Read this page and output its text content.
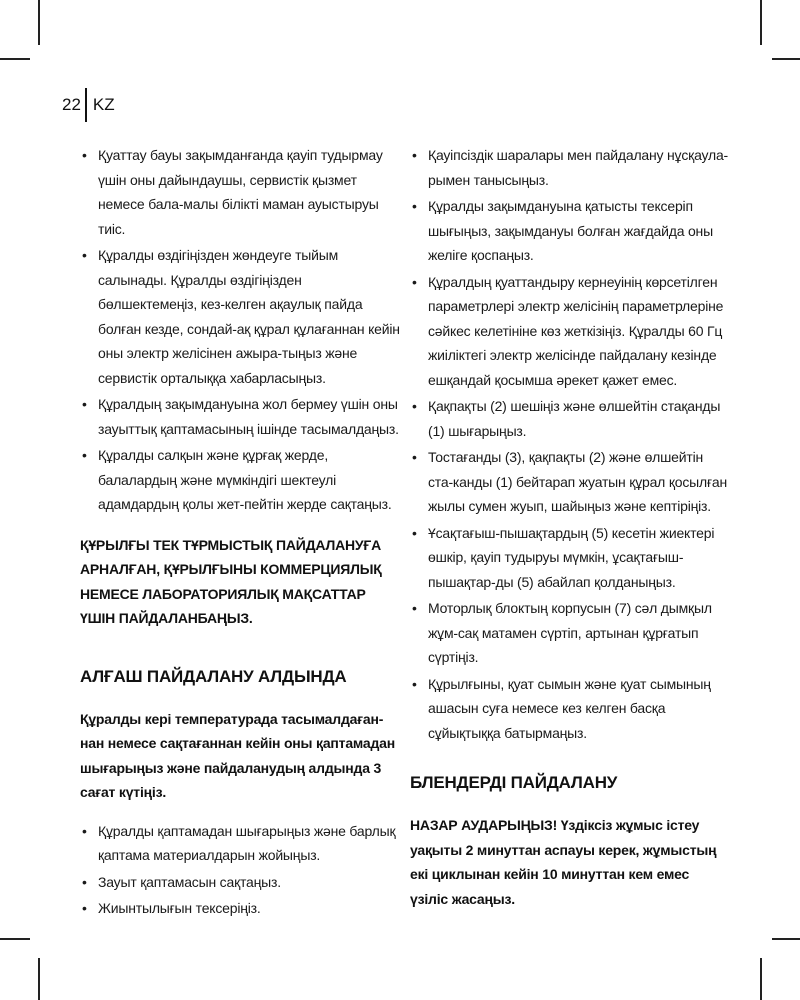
22 KZ
• Қуаттау бауы зақымданғанда қауіп тудырмау үшін оны дайындаушы, сервистік қызмет немесе бала-малы білікті маман ауыстыруы тиіс.
• Құралды өздігіңізден жөндеуге тыйым салынады. Құралды өздігіңізден бөлшектемеңіз, кез-келген ақаулық пайда болған кезде, сондай-ақ құрал құлағаннан кейін оны электр желісінен ажыра-тыңыз және сервистік орталыққа хабарласыңыз.
• Құралдың зақымдануына жол бермеу үшін оны зауыттық қаптамасының ішінде тасымалдаңыз.
• Құралды салқын және құрғақ жерде, балалардың және мүмкіндігі шектеулі адамдардың қолы жет-пейтін жерде сақтаңыз.

ҚҰРЫЛҒЫ ТЕК ТҰРМЫСТЫҚ ПАЙДАЛАНУҒА АРНАЛҒАН, ҚҰРЫЛҒЫНЫ КОММЕРЦИЯЛЫҚ НЕМЕСЕ ЛАБОРАТОРИЯЛЫҚ МАҚСАТТАР ҮШІН ПАЙДАЛАНБАҢЫЗ.

АЛҒАШ ПАЙДАЛАНУ АЛДЫНДА

Құралды кері температурада тасымалдаған-нан немесе сақтағаннан кейін оны қаптамадан шығарыңыз және пайдаланудың алдында 3 сағат күтіңіз.

• Құралды қаптамадан шығарыңыз және барлық қаптама материалдарын жойыңыз.
• Зауыт қаптамасын сақтаңыз.
• Жиынтылығын тексеріңіз.
• Қауіпсіздік шаралары мен пайдалану нұсқаула-рымен танысыңыз.
• Құралды зақымдануына қатысты тексеріп шығыңыз, зақымдануы болған жағдайда оны желіге қоспаңыз.
• Құралдың қуаттандыру кернеуінің көрсетілген параметрлері электр желісінің параметрлеріне сәйкес келетініне көз жеткізіңіз. Құралды 60 Гц жиіліктегі электр желісінде пайдалану кезінде ешқандай қосымша әрекет қажет емес.
• Қақпақты (2) шешіңіз және өлшейтін стақанды (1) шығарыңыз.
• Тостағанды (3), қақпақты (2) және өлшейтін ста-канды (1) бейтарап жуатын құрал қосылған жылы сумен жуып, шайыңыз және кептіріңіз.
• Ұсақтағыш-пышақтардың (5) кесетін жиектері өшкір, қауіп тудыруы мүмкін, ұсақтағыш-пышақтар-ды (5) абайлап қолданыңыз.
• Моторлық блоктың корпусын (7) сәл дымқыл жұм-сақ матамен сүртіп, артынан құрғатып сүртіңіз.
• Құрылғыны, қуат сымын және қуат сымының ашасын суға немесе кез келген басқа сұйықтыққа батырмаңыз.
БЛЕНДЕРДІ ПАЙДАЛАНУ

НАЗАР АУДАРЫҢЫЗ! Үздіксіз жұмыс істеу уақыты 2 минуттан аспауы керек, жұмыстың екі циклынан кейін 10 минуттан кем емес үзіліс жасаңыз.
